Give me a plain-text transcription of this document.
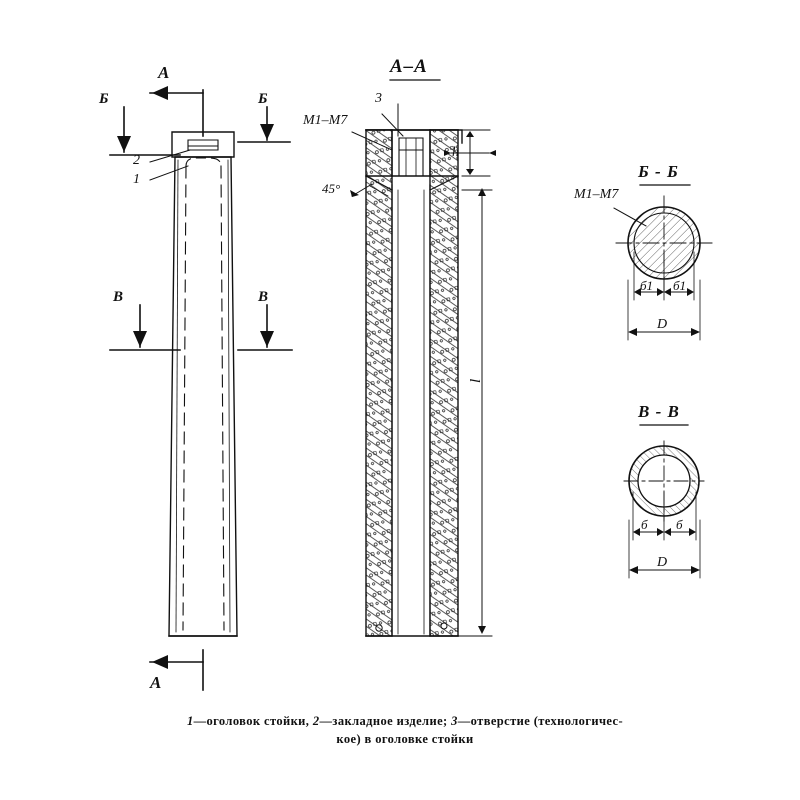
A
A
Б	Б
В	В
2
1
A–A
3
М1–М7
45°
h
l
Б - Б
М1–М7
б1 б1
D
В - В
б б
D
1—оголовок стойки, 2—закладное изделие; 3—отверстие (технологичес-
кое) в оголовке стойки
